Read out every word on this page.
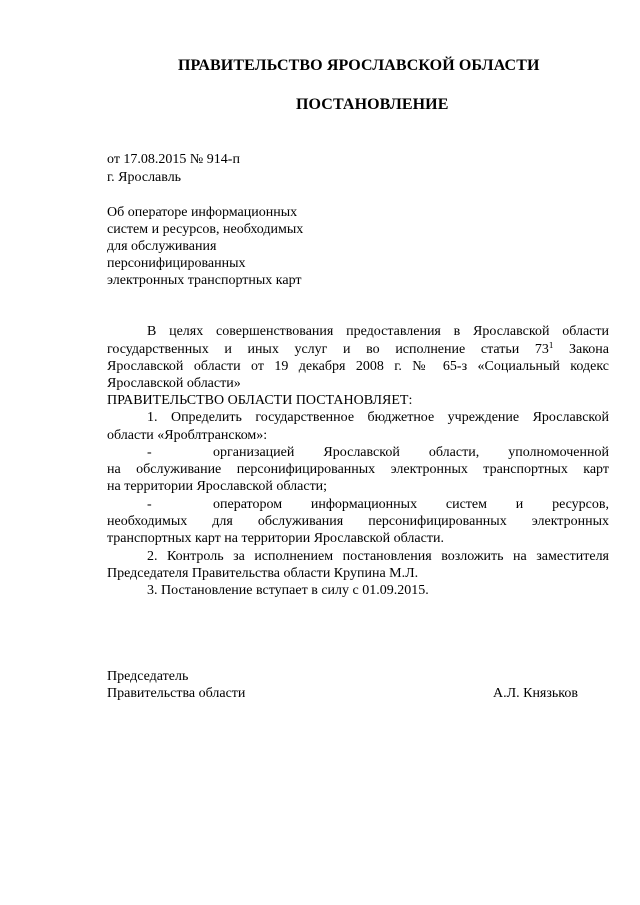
ПРАВИТЕЛЬСТВО ЯРОСЛАВСКОЙ ОБЛАСТИ
ПОСТАНОВЛЕНИЕ
от 17.08.2015 № 914-п
г. Ярославль
Об операторе информационных
систем и ресурсов, необходимых
для обслуживания
персонифицированных
электронных транспортных карт
В целях совершенствования предоставления в Ярославской области
государственных и иных услуг и во исполнение статьи $73^1$ Закона
Ярославской области от 19 декабря 2008 г. № 65-з «Социальный кодекс
Ярославской области»
ПРАВИТЕЛЬСТВО ОБЛАСТИ ПОСТАНОВЛЯЕТ:
1. Определить государственное бюджетное учреждение Ярославской
области «Яроблтранском»:
-	организацией Ярославской области, уполномоченной
на обслуживание персонифицированных электронных транспортных карт
на территории Ярославской области;
-	оператором информационных систем и ресурсов,
необходимых для обслуживания персонифицированных электронных
транспортных карт на территории Ярославской области.
2. Контроль за исполнением постановления возложить на заместителя
Председателя Правительства области Крупина М.Л.
3. Постановление вступает в силу с 01.09.2015.
Председатель
Правительства области	А.Л. Князьков
